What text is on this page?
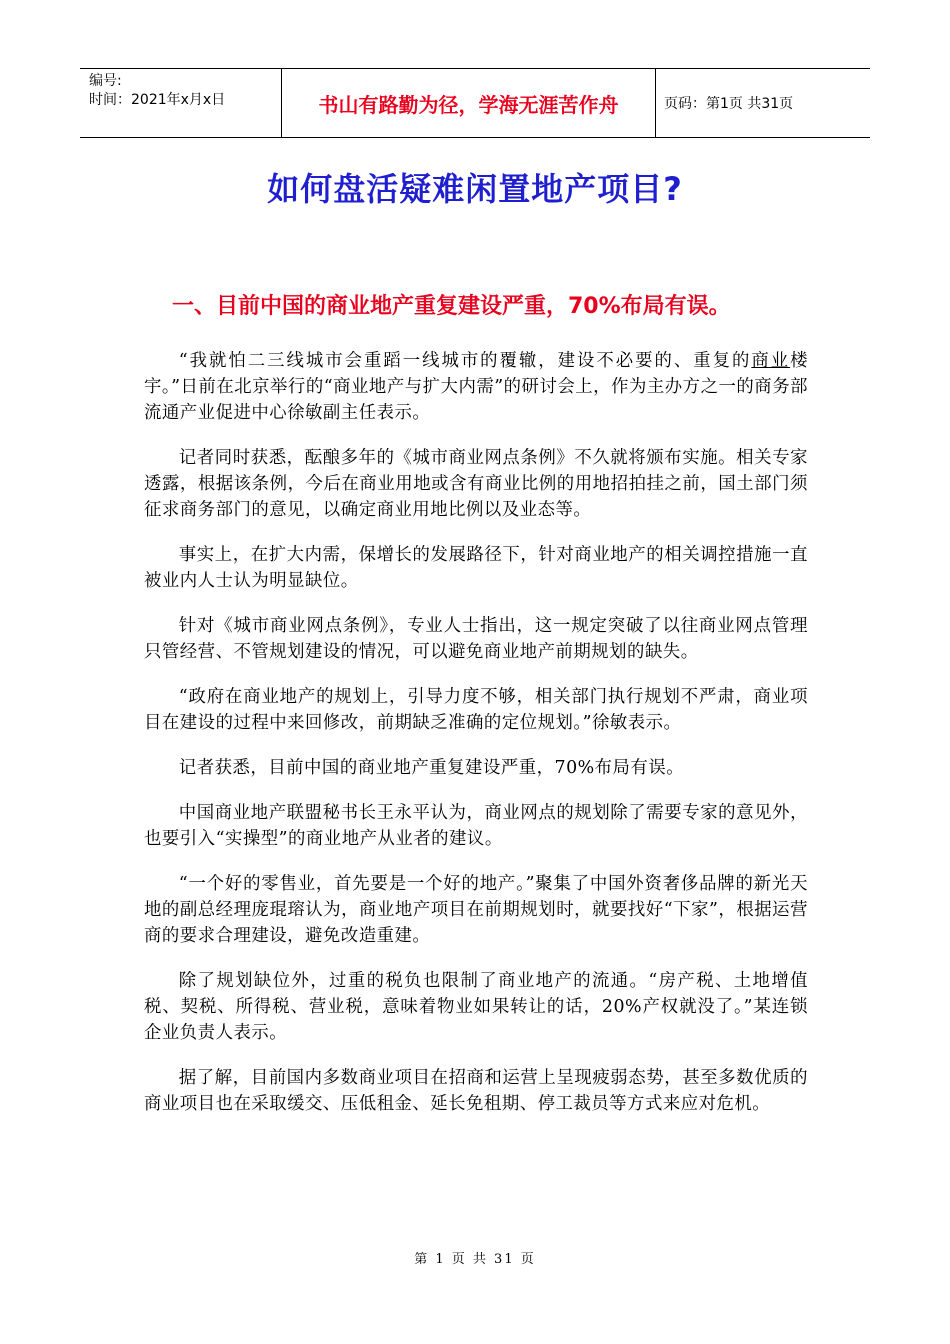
编号:
时间：2021年x月x日	书山有路勤为径，学海无涯苦作舟	页码：第1页 共31页
如何盘活疑难闲置地产项目?
一、目前中国的商业地产重复建设严重，70%布局有误。

“我就怕二三线城市会重蹈一线城市的覆辙，建设不必要的、重复的商业楼宇。”日前在北京举行的“商业地产与扩大内需”的研讨会上，作为主办方之一的商务部流通产业促进中心徐敏副主任表示。

记者同时获悉，酝酿多年的《城市商业网点条例》不久就将颁布实施。相关专家透露，根据该条例，今后在商业用地或含有商业比例的用地招拍挂之前，国土部门须征求商务部门的意见，以确定商业用地比例以及业态等。

事实上，在扩大内需，保增长的发展路径下，针对商业地产的相关调控措施一直被业内人士认为明显缺位。

针对《城市商业网点条例》，专业人士指出，这一规定突破了以往商业网点管理只管经营、不管规划建设的情况，可以避免商业地产前期规划的缺失。

“政府在商业地产的规划上，引导力度不够，相关部门执行规划不严肃，商业项目在建设的过程中来回修改，前期缺乏准确的定位规划。”徐敏表示。

记者获悉，目前中国的商业地产重复建设严重，70%布局有误。

中国商业地产联盟秘书长王永平认为，商业网点的规划除了需要专家的意见外，也要引入“实操型”的商业地产从业者的建议。

“一个好的零售业，首先要是一个好的地产。”聚集了中国外资奢侈品牌的新光天地的副总经理庞琨瑢认为，商业地产项目在前期规划时，就要找好“下家”，根据运营商的要求合理建设，避免改造重建。

除了规划缺位外，过重的税负也限制了商业地产的流通。“房产税、土地增值税、契税、所得税、营业税，意味着物业如果转让的话，20%产权就没了。”某连锁企业负责人表示。

据了解，目前国内多数商业项目在招商和运营上呈现疲弱态势，甚至多数优质的商业项目也在采取缓交、压低租金、延长免租期、停工裁员等方式来应对危机。

第 1 页 共 31 页
